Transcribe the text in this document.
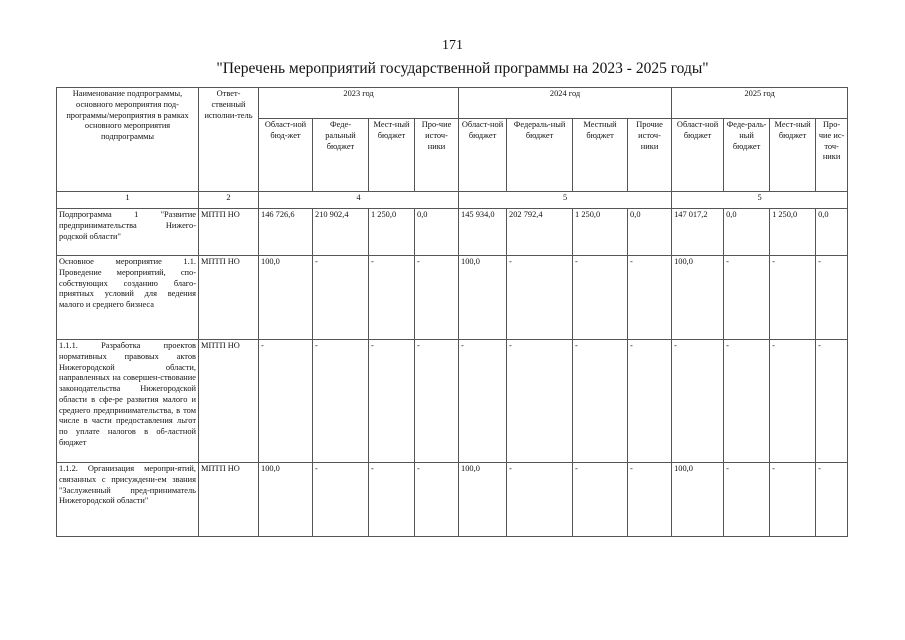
171
"Перечень мероприятий государственной программы на 2023 - 2025 годы"
Наименование подпрограммы, основного мероприятия под-программы/мероприятия в рамках основного мероприятия подпрограммы	Ответ-ственный исполни-тель	2023 год				2024 год				2025 год			
		Област-ной бюд-жет	Феде-ральный бюджет	Мест-ный бюджет	Про-чие источ-ники	Област-ной бюджет	Федераль-ный бюджет	Местный бюджет	Прочие источ-ники	Област-ной бюджет	Феде-раль-ный бюджет	Мест-ный бюджет	Про-чие ис-точ-ники
1	2	4				5				5			
Подпрограмма 1 "Развитие предпринимательства Нижего-родской области"	МПТП НО	146 726,6	210 902,4	1 250,0	0,0	145 934,0	202 792,4	1 250,0	0,0	147 017,2	0,0	1 250,0	0,0
Основное мероприятие 1.1. Проведение мероприятий, спо-собствующих созданию благо-приятных условий для ведения малого и среднего бизнеса	МПТП НО	100,0	-	-	-	100,0	-	-	-	100,0	-	-	-
1.1.1. Разработка проектов нормативных правовых актов Нижегородской области, направленных на совершен-ствование законодательства Нижегородской области в сфе-ре развития малого и среднего предпринимательства, в том числе в части предоставления льгот по уплате налогов в об-ластной бюджет	МПТП НО	-	-	-	-	-	-	-	-	-	-	-	-
1.1.2. Организация меропри-ятий, связанных с присуждени-ем звания "Заслуженный пред-приниматель Нижегородской области"	МПТП НО	100,0	-	-	-	100,0	-	-	-	100,0	-	-	-
